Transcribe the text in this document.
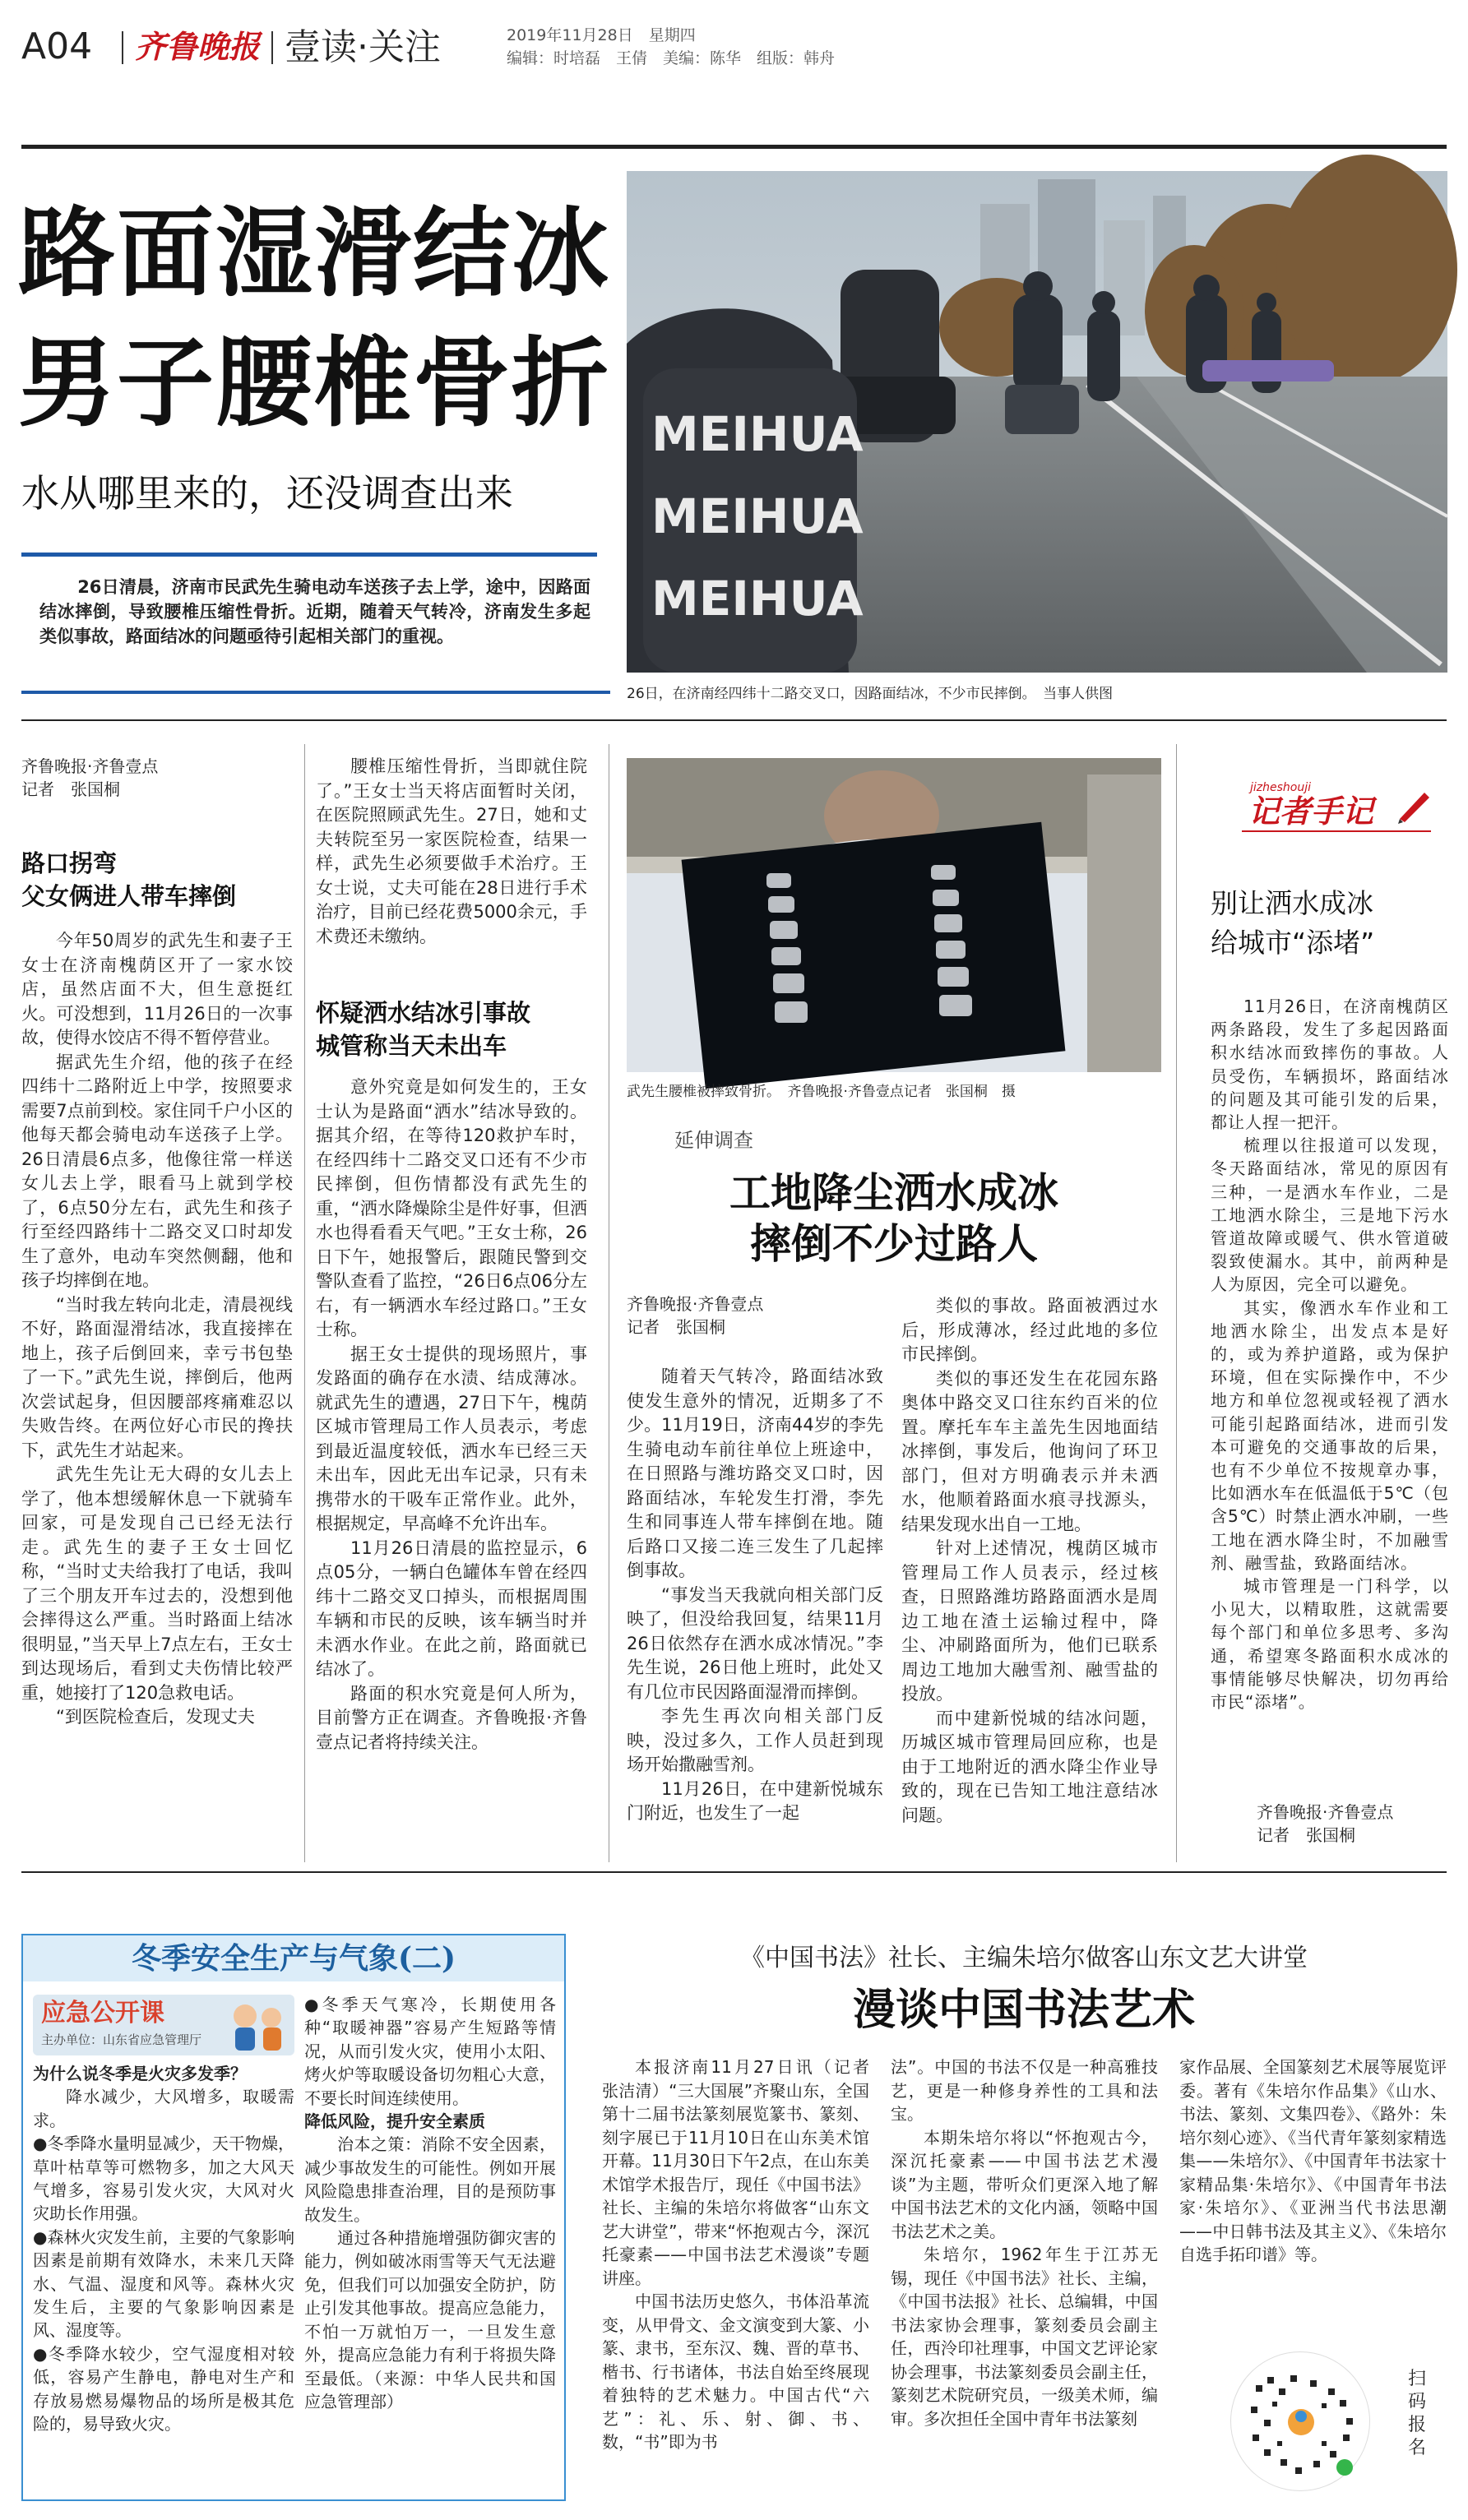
A04 齐鲁晚报 壹读·关注	2019年11月28日　星期四
编辑：时培磊　王倩　美编：陈华　组版：韩舟
路面湿滑结冰
男子腰椎骨折
水从哪里来的，还没调查出来
26日清晨，济南市民武先生骑电动车送孩子去上学，途中，因路面结冰摔倒，导致腰椎压缩性骨折。近期，随着天气转冷，济南发生多起类似事故，路面结冰的问题亟待引起相关部门的重视。
MEIHUA
MEIHUA
MEIHUA
26日，在济南经四纬十二路交叉口，因路面结冰，不少市民摔倒。　当事人供图
齐鲁晚报·齐鲁壹点
记者　张国桐
路口拐弯
父女俩进人带车摔倒

今年50周岁的武先生和妻子王女士在济南槐荫区开了一家水饺店，虽然店面不大，但生意挺红火。可没想到，11月26日的一次事故，使得水饺店不得不暂停营业。

据武先生介绍，他的孩子在经四纬十二路附近上中学，按照要求需要7点前到校。家住同千户小区的他每天都会骑电动车送孩子上学。26日清晨6点多，他像往常一样送女儿去上学，眼看马上就到学校了，6点50分左右，武先生和孩子行至经四路纬十二路交叉口时却发生了意外，电动车突然侧翻，他和孩子均摔倒在地。

“当时我左转向北走，清晨视线不好，路面湿滑结冰，我直接摔在地上，孩子后倒回来，幸亏书包垫了一下。”武先生说，摔倒后，他两次尝试起身，但因腰部疼痛难忍以失败告终。在两位好心市民的搀扶下，武先生才站起来。

武先生先让无大碍的女儿去上学了，他本想缓解休息一下就骑车回家，可是发现自己已经无法行走。武先生的妻子王女士回忆称，“当时丈夫给我打了电话，我叫了三个朋友开车过去的，没想到他会摔得这么严重。当时路面上结冰很明显，”当天早上7点左右，王女士到达现场后，看到丈夫伤情比较严重，她接打了120急救电话。

“到医院检查后，发现丈夫

腰椎压缩性骨折，当即就住院了。”王女士当天将店面暂时关闭，在医院照顾武先生。27日，她和丈夫转院至另一家医院检查，结果一样，武先生必须要做手术治疗。王女士说，丈夫可能在28日进行手术治疗，目前已经花费5000余元，手术费还未缴纳。

怀疑洒水结冰引事故
城管称当天未出车

意外究竟是如何发生的，王女士认为是路面“洒水”结冰导致的。据其介绍，在等待120救护车时，在经四纬十二路交叉口还有不少市民摔倒，但伤情都没有武先生的重，“洒水降燥除尘是件好事，但洒水也得看看天气吧。”王女士称，26日下午，她报警后，跟随民警到交警队查看了监控，“26日6点06分左右，有一辆洒水车经过路口。”王女士称。

据王女士提供的现场照片，事发路面的确存在水渍、结成薄冰。就武先生的遭遇，27日下午，槐荫区城市管理局工作人员表示，考虑到最近温度较低，洒水车已经三天未出车，因此无出车记录，只有未携带水的干吸车正常作业。此外，根据规定，早高峰不允许出车。

11月26日清晨的监控显示，6点05分，一辆白色罐体车曾在经四纬十二路交叉口掉头，而根据周围车辆和市民的反映，该车辆当时并未洒水作业。在此之前，路面就已结冰了。

路面的积水究竟是何人所为，目前警方正在调查。齐鲁晚报·齐鲁壹点记者将持续关注。

武先生腰椎被摔致骨折。　齐鲁晚报·齐鲁壹点记者　张国桐　摄
延伸调查
工地降尘洒水成冰
摔倒不少过路人
齐鲁晚报·齐鲁壹点
记者　张国桐

随着天气转冷，路面结冰致使发生意外的情况，近期多了不少。11月19日，济南44岁的李先生骑电动车前往单位上班途中，在日照路与潍坊路交叉口时，因路面结冰，车轮发生打滑，李先生和同事连人带车摔倒在地。随后路口又接二连三发生了几起摔倒事故。

“事发当天我就向相关部门反映了，但没给我回复，结果11月26日依然存在洒水成冰情况。”李先生说，26日他上班时，此处又有几位市民因路面湿滑而摔倒。

李先生再次向相关部门反映，没过多久，工作人员赶到现场开始撒融雪剂。

11月26日，在中建新悦城东门附近，也发生了一起

类似的事故。路面被洒过水后，形成薄冰，经过此地的多位市民摔倒。

类似的事还发生在花园东路奥体中路交叉口往东约百米的位置。摩托车车主盖先生因地面结冰摔倒，事发后，他询问了环卫部门，但对方明确表示并未洒水，他顺着路面水痕寻找源头，结果发现水出自一工地。

针对上述情况，槐荫区城市管理局工作人员表示，经过核查，日照路潍坊路路面洒水是周边工地在渣土运输过程中，降尘、冲刷路面所为，他们已联系周边工地加大融雪剂、融雪盐的投放。

而中建新悦城的结冰问题，历城区城市管理局回应称，也是由于工地附近的洒水降尘作业导致的，现在已告知工地注意结冰问题。

jizheshouji
记者手记
别让洒水成冰
给城市“添堵”

11月26日，在济南槐荫区两条路段，发生了多起因路面积水结冰而致摔伤的事故。人员受伤，车辆损坏，路面结冰的问题及其可能引发的后果，都让人捏一把汗。

梳理以往报道可以发现，冬天路面结冰，常见的原因有三种，一是洒水车作业，二是工地洒水除尘，三是地下污水管道故障或暖气、供水管道破裂致使漏水。其中，前两种是人为原因，完全可以避免。

其实，像洒水车作业和工地洒水除尘，出发点本是好的，或为养护道路，或为保护环境，但在实际操作中，不少地方和单位忽视或轻视了洒水可能引起路面结冰，进而引发本可避免的交通事故的后果，也有不少单位不按规章办事，比如洒水车在低温低于5℃（包含5℃）时禁止洒水冲刷，一些工地在洒水降尘时，不加融雪剂、融雪盐，致路面结冰。

城市管理是一门科学，以小见大，以精取胜，这就需要每个部门和单位多思考、多沟通，希望寒冬路面积水成冰的事情能够尽快解决，切勿再给市民“添堵”。

齐鲁晚报·齐鲁壹点
记者　张国桐
冬季安全生产与气象(二)
应急公开课
主办单位：山东省应急管理厅

为什么说冬季是火灾多发季？

降水减少，大风增多，取暖需求。

●冬季降水量明显减少，天干物燥，草叶枯草等可燃物多，加之大风天气增多，容易引发火灾，大风对火灾助长作用强。

●森林火灾发生前，主要的气象影响因素是前期有效降水，未来几天降水、气温、湿度和风等。森林火灾发生后，主要的气象影响因素是风、湿度等。

●冬季降水较少，空气湿度相对较低，容易产生静电，静电对生产和存放易燃易爆物品的场所是极其危险的，易导致火灾。

●冬季天气寒冷，长期使用各种“取暖神器”容易产生短路等情况，从而引发火灾，使用小太阳、烤火炉等取暖设备切勿粗心大意，不要长时间连续使用。

降低风险，提升安全素质

治本之策：消除不安全因素，减少事故发生的可能性。例如开展风险隐患排查治理，目的是预防事故发生。

通过各种措施增强防御灾害的能力，例如破冰雨雪等天气无法避免，但我们可以加强安全防护，防止引发其他事故。提高应急能力，不怕一万就怕万一，一旦发生意外，提高应急能力有利于将损失降至最低。（来源：中华人民共和国应急管理部）

《中国书法》社长、主编朱培尔做客山东文艺大讲堂
漫谈中国书法艺术

本报济南11月27日讯（记者　张洁清）“三大国展”齐聚山东，全国第十二届书法篆刻展览篆书、篆刻、刻字展已于11月10日在山东美术馆开幕。11月30日下午2点，在山东美术馆学术报告厅，现任《中国书法》社长、主编的朱培尔将做客“山东文艺大讲堂”，带来“怀抱观古今，深沉托豪素——中国书法艺术漫谈”专题讲座。

中国书法历史悠久，书体沿革流变，从甲骨文、金文演变到大篆、小篆、隶书，至东汉、魏、晋的草书、楷书、行书诸体，书法自始至终展现着独特的艺术魅力。中国古代“六艺”：礼、乐、射、御、书、数，“书”即为书

法”。中国的书法不仅是一种高雅技艺，更是一种修身养性的工具和法宝。

本期朱培尔将以“怀抱观古今，深沉托豪素——中国书法艺术漫谈”为主题，带听众们更深入地了解中国书法艺术的文化内涵，领略中国书法艺术之美。

朱培尔，1962年生于江苏无锡，现任《中国书法》社长、主编，《中国书法报》社长、总编辑，中国书法家协会理事，篆刻委员会副主任，西泠印社理事，中国文艺评论家协会理事，书法篆刻委员会副主任，篆刻艺术院研究员，一级美术师，编审。多次担任全国中青年书法篆刻

家作品展、全国篆刻艺术展等展览评委。著有《朱培尔作品集》《山水、书法、篆刻、文集四卷》、《路外：朱培尔刻心迹》、《当代青年篆刻家精选集——朱培尔》、《中国青年书法家十家精品集·朱培尔》、《中国青年书法家·朱培尔》、《亚洲当代书法思潮——中日韩书法及其主义》、《朱培尔自选手拓印谱》等。

扫码报名
